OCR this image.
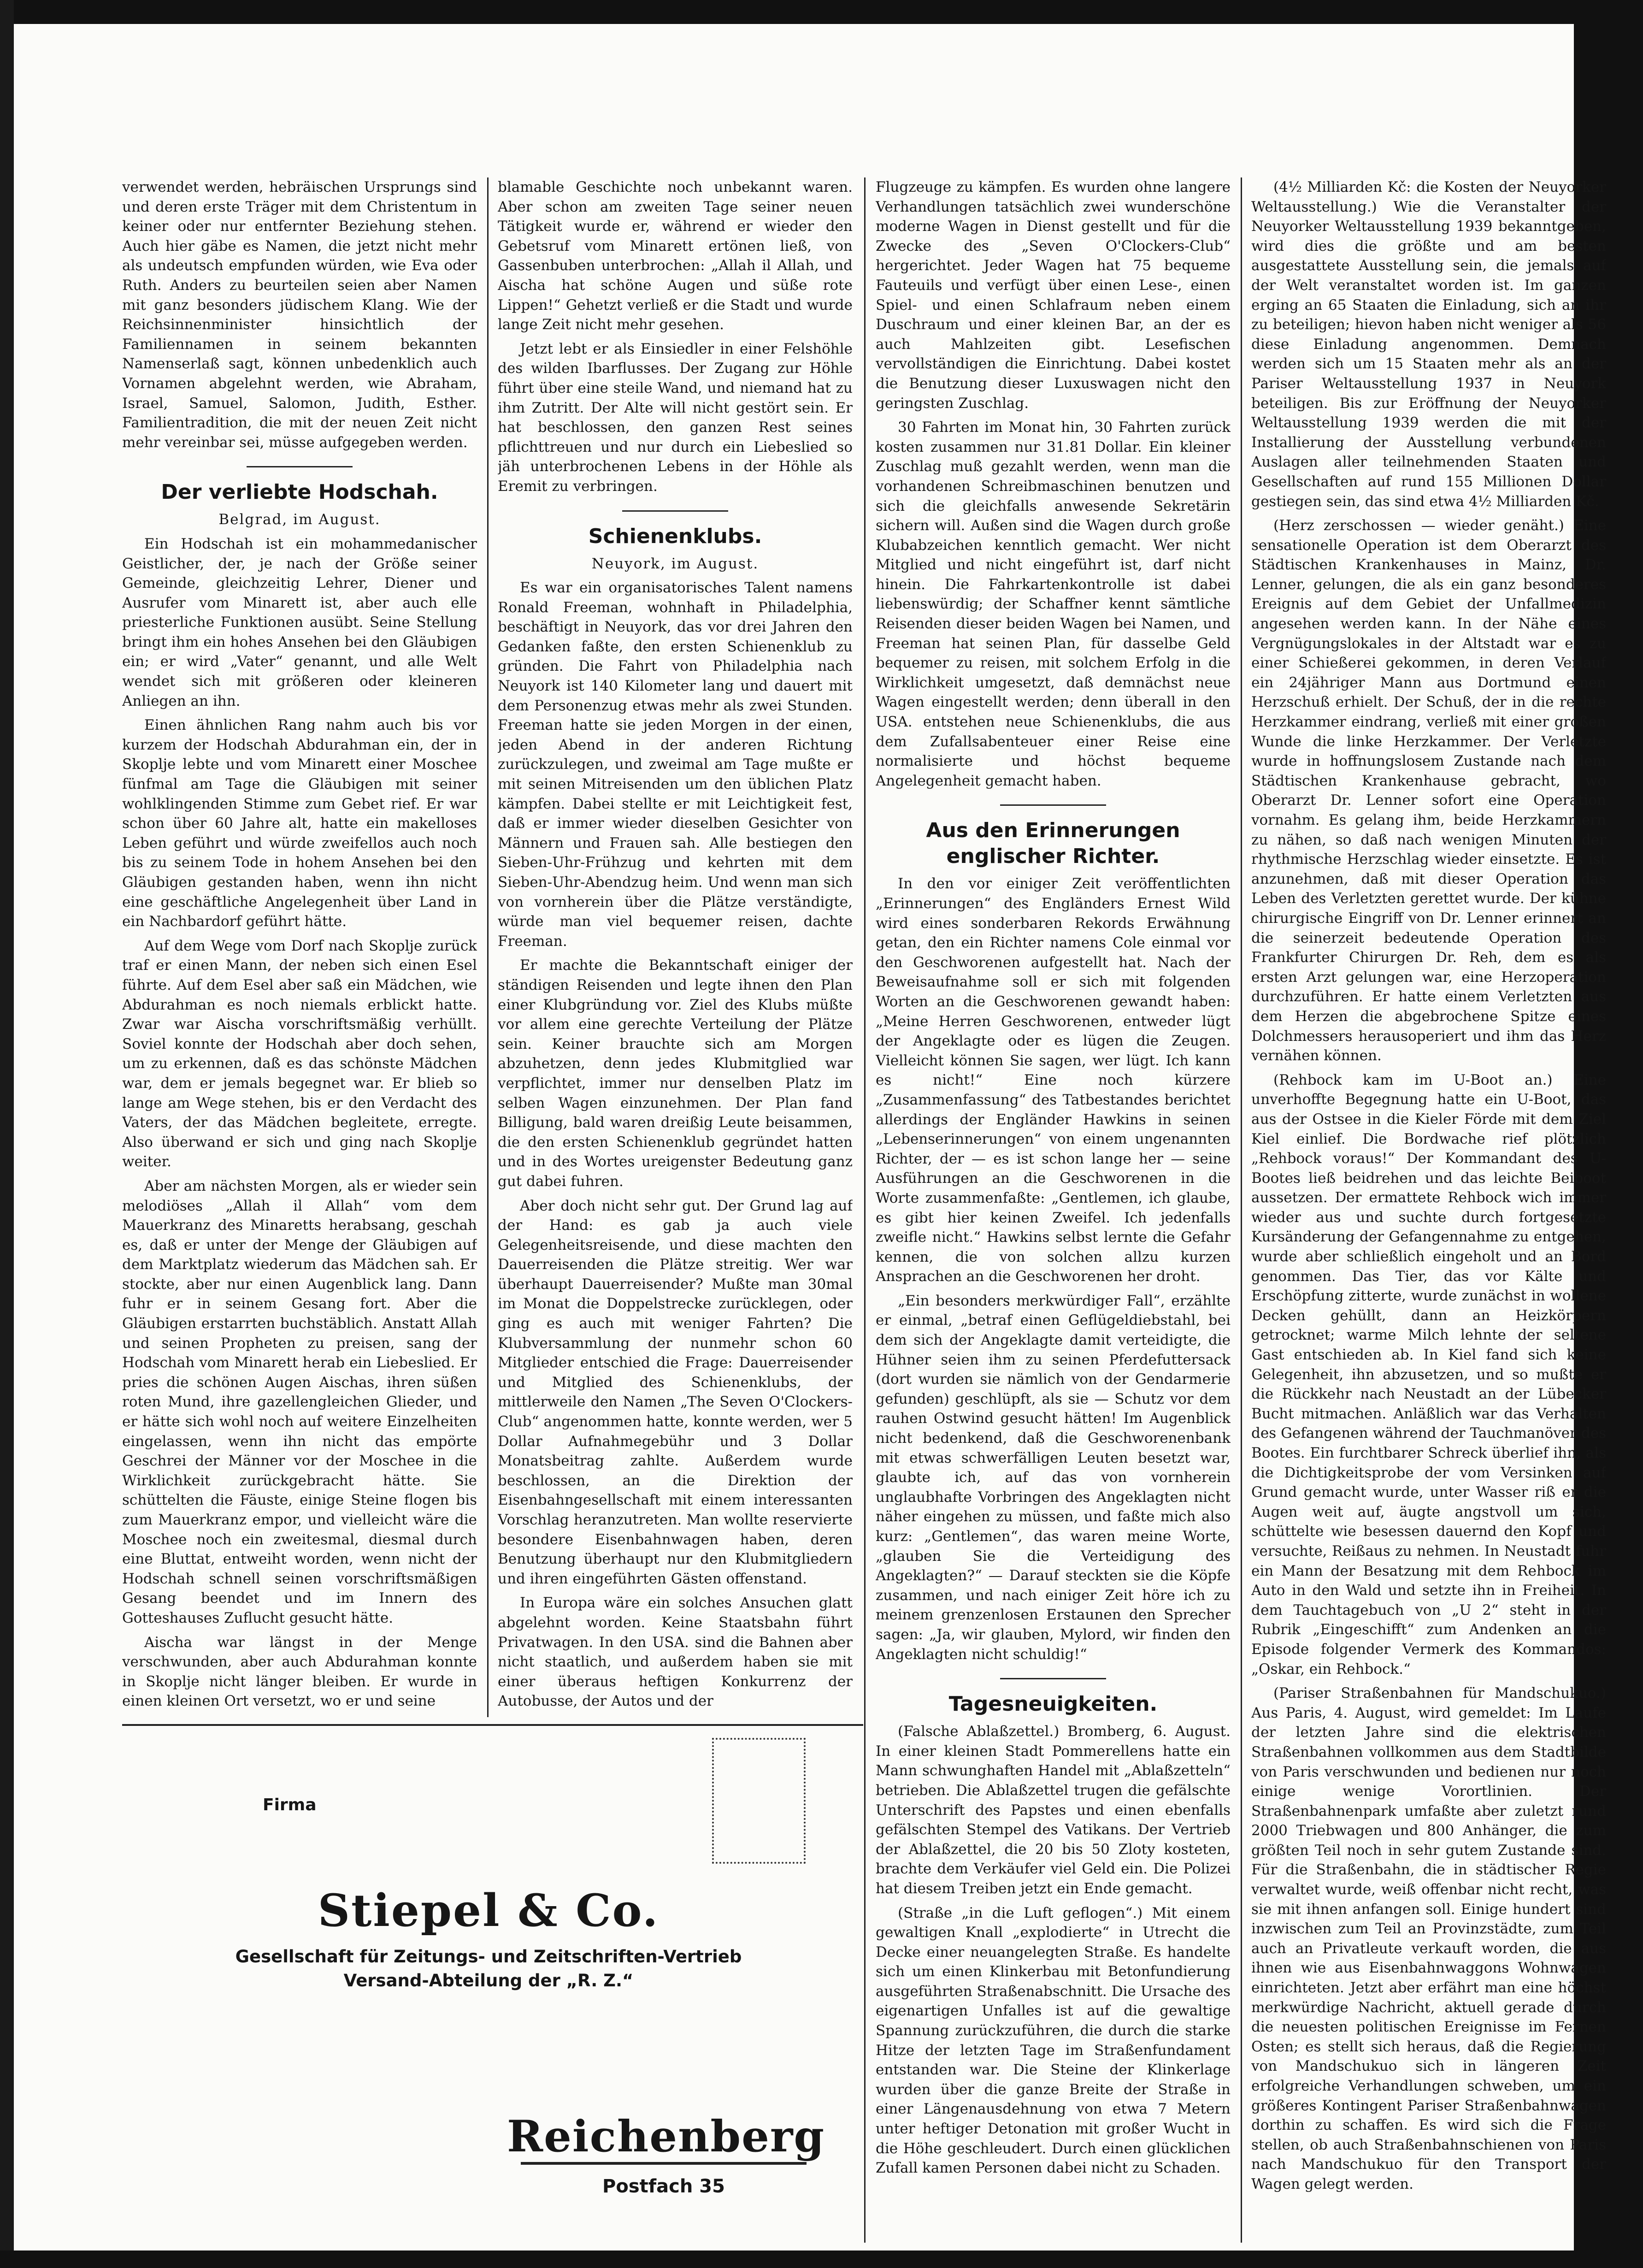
verwendet werden, hebräischen Ursprungs sind und deren erste Träger mit dem Christentum in keiner oder nur entfernter Beziehung stehen. Auch hier gäbe es Namen, die jetzt nicht mehr als undeutsch empfunden würden, wie Eva oder Ruth. Anders zu beurteilen seien aber Namen mit ganz besonders jüdischem Klang. Wie der Reichsinnenminister hinsichtlich der Familiennamen in seinem bekannten Namenserlaß sagt, können unbedenklich auch Vornamen abgelehnt werden, wie Abraham, Israel, Samuel, Salomon, Judith, Esther. Familientradition, die mit der neuen Zeit nicht mehr vereinbar sei, müsse aufgegeben werden.

Der verliebte Hodschah.
Belgrad, im August.

Ein Hodschah ist ein mohammedanischer Geistlicher, der, je nach der Größe seiner Gemeinde, gleichzeitig Lehrer, Diener und Ausrufer vom Minarett ist, aber auch elle priesterliche Funktionen ausübt. Seine Stellung bringt ihm ein hohes Ansehen bei den Gläubigen ein; er wird „Vater“ genannt, und alle Welt wendet sich mit größeren oder kleineren Anliegen an ihn.

Einen ähnlichen Rang nahm auch bis vor kurzem der Hodschah Abdurahman ein, der in Skoplje lebte und vom Minarett einer Moschee fünfmal am Tage die Gläubigen mit seiner wohlklingenden Stimme zum Gebet rief. Er war schon über 60 Jahre alt, hatte ein makelloses Leben geführt und würde zweifellos auch noch bis zu seinem Tode in hohem Ansehen bei den Gläubigen gestanden haben, wenn ihn nicht eine geschäftliche Angelegenheit über Land in ein Nachbardorf geführt hätte.

Auf dem Wege vom Dorf nach Skoplje zurück traf er einen Mann, der neben sich einen Esel führte. Auf dem Esel aber saß ein Mädchen, wie Abdurahman es noch niemals erblickt hatte. Zwar war Aischa vorschriftsmäßig verhüllt. Soviel konnte der Hodschah aber doch sehen, um zu erkennen, daß es das schönste Mädchen war, dem er jemals begegnet war. Er blieb so lange am Wege stehen, bis er den Verdacht des Vaters, der das Mädchen begleitete, erregte. Also überwand er sich und ging nach Skoplje weiter.

Aber am nächsten Morgen, als er wieder sein melodiöses „Allah il Allah“ vom dem Mauerkranz des Minaretts herabsang, geschah es, daß er unter der Menge der Gläubigen auf dem Marktplatz wiederum das Mädchen sah. Er stockte, aber nur einen Augenblick lang. Dann fuhr er in seinem Gesang fort. Aber die Gläubigen erstarrten buchstäblich. Anstatt Allah und seinen Propheten zu preisen, sang der Hodschah vom Minarett herab ein Liebeslied. Er pries die schönen Augen Aischas, ihren süßen roten Mund, ihre gazellengleichen Glieder, und er hätte sich wohl noch auf weitere Einzelheiten eingelassen, wenn ihn nicht das empörte Geschrei der Männer vor der Moschee in die Wirklichkeit zurückgebracht hätte. Sie schüttelten die Fäuste, einige Steine flogen bis zum Mauerkranz empor, und vielleicht wäre die Moschee noch ein zweitesmal, diesmal durch eine Bluttat, entweiht worden, wenn nicht der Hodschah schnell seinen vorschriftsmäßigen Gesang beendet und im Innern des Gotteshauses Zuflucht gesucht hätte.

Aischa war längst in der Menge verschwunden, aber auch Abdurahman konnte in Skoplje nicht länger bleiben. Er wurde in einen kleinen Ort versetzt, wo er und seine

blamable Geschichte noch unbekannt waren. Aber schon am zweiten Tage seiner neuen Tätigkeit wurde er, während er wieder den Gebetsruf vom Minarett ertönen ließ, von Gassenbuben unterbrochen: „Allah il Allah, und Aischa hat schöne Augen und süße rote Lippen!“ Gehetzt verließ er die Stadt und wurde lange Zeit nicht mehr gesehen.

Jetzt lebt er als Einsiedler in einer Felshöhle des wilden Ibarflusses. Der Zugang zur Höhle führt über eine steile Wand, und niemand hat zu ihm Zutritt. Der Alte will nicht gestört sein. Er hat beschlossen, den ganzen Rest seines pflichttreuen und nur durch ein Liebeslied so jäh unterbrochenen Lebens in der Höhle als Eremit zu verbringen.

Schienenklubs.
Neuyork, im August.

Es war ein organisatorisches Talent namens Ronald Freeman, wohnhaft in Philadelphia, beschäftigt in Neuyork, das vor drei Jahren den Gedanken faßte, den ersten Schienenklub zu gründen. Die Fahrt von Philadelphia nach Neuyork ist 140 Kilometer lang und dauert mit dem Personenzug etwas mehr als zwei Stunden. Freeman hatte sie jeden Morgen in der einen, jeden Abend in der anderen Richtung zurückzulegen, und zweimal am Tage mußte er mit seinen Mitreisenden um den üblichen Platz kämpfen. Dabei stellte er mit Leichtigkeit fest, daß er immer wieder dieselben Gesichter von Männern und Frauen sah. Alle bestiegen den Sieben-Uhr-Frühzug und kehrten mit dem Sieben-Uhr-Abendzug heim. Und wenn man sich von vornherein über die Plätze verständigte, würde man viel bequemer reisen, dachte Freeman.

Er machte die Bekanntschaft einiger der ständigen Reisenden und legte ihnen den Plan einer Klubgründung vor. Ziel des Klubs müßte vor allem eine gerechte Verteilung der Plätze sein. Keiner brauchte sich am Morgen abzuhetzen, denn jedes Klubmitglied war verpflichtet, immer nur denselben Platz im selben Wagen einzunehmen. Der Plan fand Billigung, bald waren dreißig Leute beisammen, die den ersten Schienenklub gegründet hatten und in des Wortes ureigenster Bedeutung ganz gut dabei fuhren.

Aber doch nicht sehr gut. Der Grund lag auf der Hand: es gab ja auch viele Gelegenheitsreisende, und diese machten den Dauerreisenden die Plätze streitig. Wer war überhaupt Dauerreisender? Mußte man 30mal im Monat die Doppelstrecke zurücklegen, oder ging es auch mit weniger Fahrten? Die Klubversammlung der nunmehr schon 60 Mitglieder entschied die Frage: Dauerreisender und Mitglied des Schienenklubs, der mittlerweile den Namen „The Seven O'Clockers-Club“ angenommen hatte, konnte werden, wer 5 Dollar Aufnahmegebühr und 3 Dollar Monatsbeitrag zahlte. Außerdem wurde beschlossen, an die Direktion der Eisenbahngesellschaft mit einem interessanten Vorschlag heranzutreten. Man wollte reservierte besondere Eisenbahnwagen haben, deren Benutzung überhaupt nur den Klubmitgliedern und ihren eingeführten Gästen offenstand.

In Europa wäre ein solches Ansuchen glatt abgelehnt worden. Keine Staatsbahn führt Privatwagen. In den USA. sind die Bahnen aber nicht staatlich, und außerdem haben sie mit einer überaus heftigen Konkurrenz der Autobusse, der Autos und der

Flugzeuge zu kämpfen. Es wurden ohne langere Verhandlungen tatsächlich zwei wunderschöne moderne Wagen in Dienst gestellt und für die Zwecke des „Seven O'Clockers-Club“ hergerichtet. Jeder Wagen hat 75 bequeme Fauteuils und verfügt über einen Lese-, einen Spiel- und einen Schlafraum neben einem Duschraum und einer kleinen Bar, an der es auch Mahlzeiten gibt. Lesefischen vervollständigen die Einrichtung. Dabei kostet die Benutzung dieser Luxuswagen nicht den geringsten Zuschlag.

30 Fahrten im Monat hin, 30 Fahrten zurück kosten zusammen nur 31.81 Dollar. Ein kleiner Zuschlag muß gezahlt werden, wenn man die vorhandenen Schreibmaschinen benutzen und sich die gleichfalls anwesende Sekretärin sichern will. Außen sind die Wagen durch große Klubabzeichen kenntlich gemacht. Wer nicht Mitglied und nicht eingeführt ist, darf nicht hinein. Die Fahrkartenkontrolle ist dabei liebenswürdig; der Schaffner kennt sämtliche Reisenden dieser beiden Wagen bei Namen, und Freeman hat seinen Plan, für dasselbe Geld bequemer zu reisen, mit solchem Erfolg in die Wirklichkeit umgesetzt, daß demnächst neue Wagen eingestellt werden; denn überall in den USA. entstehen neue Schienenklubs, die aus dem Zufallsabenteuer einer Reise eine normalisierte und höchst bequeme Angelegenheit gemacht haben.

Aus den Erinnerungen englischer Richter.

In den vor einiger Zeit veröffentlichten „Erinnerungen“ des Engländers Ernest Wild wird eines sonderbaren Rekords Erwähnung getan, den ein Richter namens Cole einmal vor den Geschworenen aufgestellt hat. Nach der Beweisaufnahme soll er sich mit folgenden Worten an die Geschworenen gewandt haben: „Meine Herren Geschworenen, entweder lügt der Angeklagte oder es lügen die Zeugen. Vielleicht können Sie sagen, wer lügt. Ich kann es nicht!“ Eine noch kürzere „Zusammenfassung“ des Tatbestandes berichtet allerdings der Engländer Hawkins in seinen „Lebenserinnerungen“ von einem ungenannten Richter, der — es ist schon lange her — seine Ausführungen an die Geschworenen in die Worte zusammenfaßte: „Gentlemen, ich glaube, es gibt hier keinen Zweifel. Ich jedenfalls zweifle nicht.“ Hawkins selbst lernte die Gefahr kennen, die von solchen allzu kurzen Ansprachen an die Geschworenen her droht.

„Ein besonders merkwürdiger Fall“, erzählte er einmal, „betraf einen Geflügeldiebstahl, bei dem sich der Angeklagte damit verteidigte, die Hühner seien ihm zu seinen Pferdefuttersack (dort wurden sie nämlich von der Gendarmerie gefunden) geschlüpft, als sie — Schutz vor dem rauhen Ostwind gesucht hätten! Im Augenblick nicht bedenkend, daß die Geschworenenbank mit etwas schwerfälligen Leuten besetzt war, glaubte ich, auf das von vornherein unglaubhafte Vorbringen des Angeklagten nicht näher eingehen zu müssen, und faßte mich also kurz: „Gentlemen“, das waren meine Worte, „glauben Sie die Verteidigung des Angeklagten?“ — Darauf steckten sie die Köpfe zusammen, und nach einiger Zeit höre ich zu meinem grenzenlosen Erstaunen den Sprecher sagen: „Ja, wir glauben, Mylord, wir finden den Angeklagten nicht schuldig!“

Tagesneuigkeiten.

(Falsche Ablaßzettel.) Bromberg, 6. August. In einer kleinen Stadt Pommerellens hatte ein Mann schwunghaften Handel mit „Ablaßzetteln“ betrieben. Die Ablaßzettel trugen die gefälschte Unterschrift des Papstes und einen ebenfalls gefälschten Stempel des Vatikans. Der Vertrieb der Ablaßzettel, die 20 bis 50 Zloty kosteten, brachte dem Verkäufer viel Geld ein. Die Polizei hat diesem Treiben jetzt ein Ende gemacht.

(Straße „in die Luft geflogen“.) Mit einem gewaltigen Knall „explodierte“ in Utrecht die Decke einer neuangelegten Straße. Es handelte sich um einen Klinkerbau mit Betonfundierung ausgeführten Straßenabschnitt. Die Ursache des eigenartigen Unfalles ist auf die gewaltige Spannung zurückzuführen, die durch die starke Hitze der letzten Tage im Straßenfundament entstanden war. Die Steine der Klinkerlage wurden über die ganze Breite der Straße in einer Längenausdehnung von etwa 7 Metern unter heftiger Detonation mit großer Wucht in die Höhe geschleudert. Durch einen glücklichen Zufall kamen Personen dabei nicht zu Schaden.

(4½ Milliarden Kč: die Kosten der Neuyorker Weltausstellung.) Wie die Veranstalter der Neuyorker Weltausstellung 1939 bekanntgeben, wird dies die größte und am besten ausgestattete Ausstellung sein, die jemals auf der Welt veranstaltet worden ist. Im ganzen erging an 65 Staaten die Einladung, sich an ihr zu beteiligen; hievon haben nicht weniger als 56 diese Einladung angenommen. Demnach werden sich um 15 Staaten mehr als an der Pariser Weltausstellung 1937 in Neuyork beteiligen. Bis zur Eröffnung der Neuyorker Weltausstellung 1939 werden die mit der Installierung der Ausstellung verbundenen Auslagen aller teilnehmenden Staaten und Gesellschaften auf rund 155 Millionen Dollar gestiegen sein, das sind etwa 4½ Milliarden Kč.

(Herz zerschossen — wieder genäht.) Eine sensationelle Operation ist dem Oberarzt des Städtischen Krankenhauses in Mainz, Dr. Lenner, gelungen, die als ein ganz besonderes Ereignis auf dem Gebiet der Unfallmedizin angesehen werden kann. In der Nähe eines Vergnügungslokales in der Altstadt war es zu einer Schießerei gekommen, in deren Verlauf ein 24jähriger Mann aus Dortmund einen Herzschuß erhielt. Der Schuß, der in die rechte Herzkammer eindrang, verließ mit einer großen Wunde die linke Herzkammer. Der Verletzte wurde in hoffnungslosem Zustande nach dem Städtischen Krankenhause gebracht, wo Oberarzt Dr. Lenner sofort eine Operation vornahm. Es gelang ihm, beide Herzkammern zu nähen, so daß nach wenigen Minuten der rhythmische Herzschlag wieder einsetzte. Es ist anzunehmen, daß mit dieser Operation das Leben des Verletzten gerettet wurde. Der kühne chirurgische Eingriff von Dr. Lenner erinnert an die seinerzeit bedeutende Operation des Frankfurter Chirurgen Dr. Reh, dem es als ersten Arzt gelungen war, eine Herzoperation durchzuführen. Er hatte einem Verletzten aus dem Herzen die abgebrochene Spitze eines Dolchmessers herausoperiert und ihm das Herz vernähen können.

(Rehbock kam im U-Boot an.) Eine unverhoffte Begegnung hatte ein U-Boot, das aus der Ostsee in die Kieler Förde mit dem Ziel Kiel einlief. Die Bordwache rief plötzlich „Rehbock voraus!“ Der Kommandant des U-Bootes ließ beidrehen und das leichte Beiboot aussetzen. Der ermattete Rehbock wich immer wieder aus und suchte durch fortgesetzte Kursänderung der Gefangennahme zu entgehen, wurde aber schließlich eingeholt und an Bord genommen. Das Tier, das vor Kälte und Erschöpfung zitterte, wurde zunächst in wollene Decken gehüllt, dann an Heizkörpern getrocknet; warme Milch lehnte der seltene Gast entschieden ab. In Kiel fand sich keine Gelegenheit, ihn abzusetzen, und so mußte er die Rückkehr nach Neustadt an der Lübecker Bucht mitmachen. Anläßlich war das Verhalten des Gefangenen während der Tauchmanöver des Bootes. Ein furchtbarer Schreck überlief ihn, als die Dichtigkeitsprobe der vom Versinken auf Grund gemacht wurde, unter Wasser riß er die Augen weit auf, äugte angstvoll um sich, schüttelte wie besessen dauernd den Kopf und versuchte, Reißaus zu nehmen. In Neustadt fuhr ein Mann der Besatzung mit dem Rehbock im Auto in den Wald und setzte ihn in Freiheit. In dem Tauchtagebuch von „U 2“ steht in der Rubrik „Eingeschifft“ zum Andenken an die Episode folgender Vermerk des Kommandos: „Oskar, ein Rehbock.“

(Pariser Straßenbahnen für Mandschukuo.) Aus Paris, 4. August, wird gemeldet: Im Laufe der letzten Jahre sind die elektrischen Straßenbahnen vollkommen aus dem Stadtbilde von Paris verschwunden und bedienen nur noch einige wenige Vorortlinien. Der Straßenbahnenpark umfaßte aber zuletzt rund 2000 Triebwagen und 800 Anhänger, die zum größten Teil noch in sehr gutem Zustande sind. Für die Straßenbahn, die in städtischer Regie verwaltet wurde, weiß offenbar nicht recht, was sie mit ihnen anfangen soll. Einige hundert sind inzwischen zum Teil an Provinzstädte, zum Teil auch an Privatleute verkauft worden, die aus ihnen wie aus Eisenbahnwaggons Wohnwagen einrichteten. Jetzt aber erfährt man eine höchst merkwürdige Nachricht, aktuell gerade durch die neuesten politischen Ereignisse im Fernen Osten; es stellt sich heraus, daß die Regierung von Mandschukuo sich in längeren Zeit erfolgreiche Verhandlungen schweben, um ein größeres Kontingent Pariser Straßenbahnwagen dorthin zu schaffen. Es wird sich die Frage stellen, ob auch Straßenbahnschienen von Paris nach Mandschukuo für den Transport der Wagen gelegt werden.

Firma
Stiepel & Co.
Gesellschaft für Zeitungs- und Zeitschriften-Vertrieb
Versand-Abteilung der „R. Z.“
Reichenberg
Postfach 35
